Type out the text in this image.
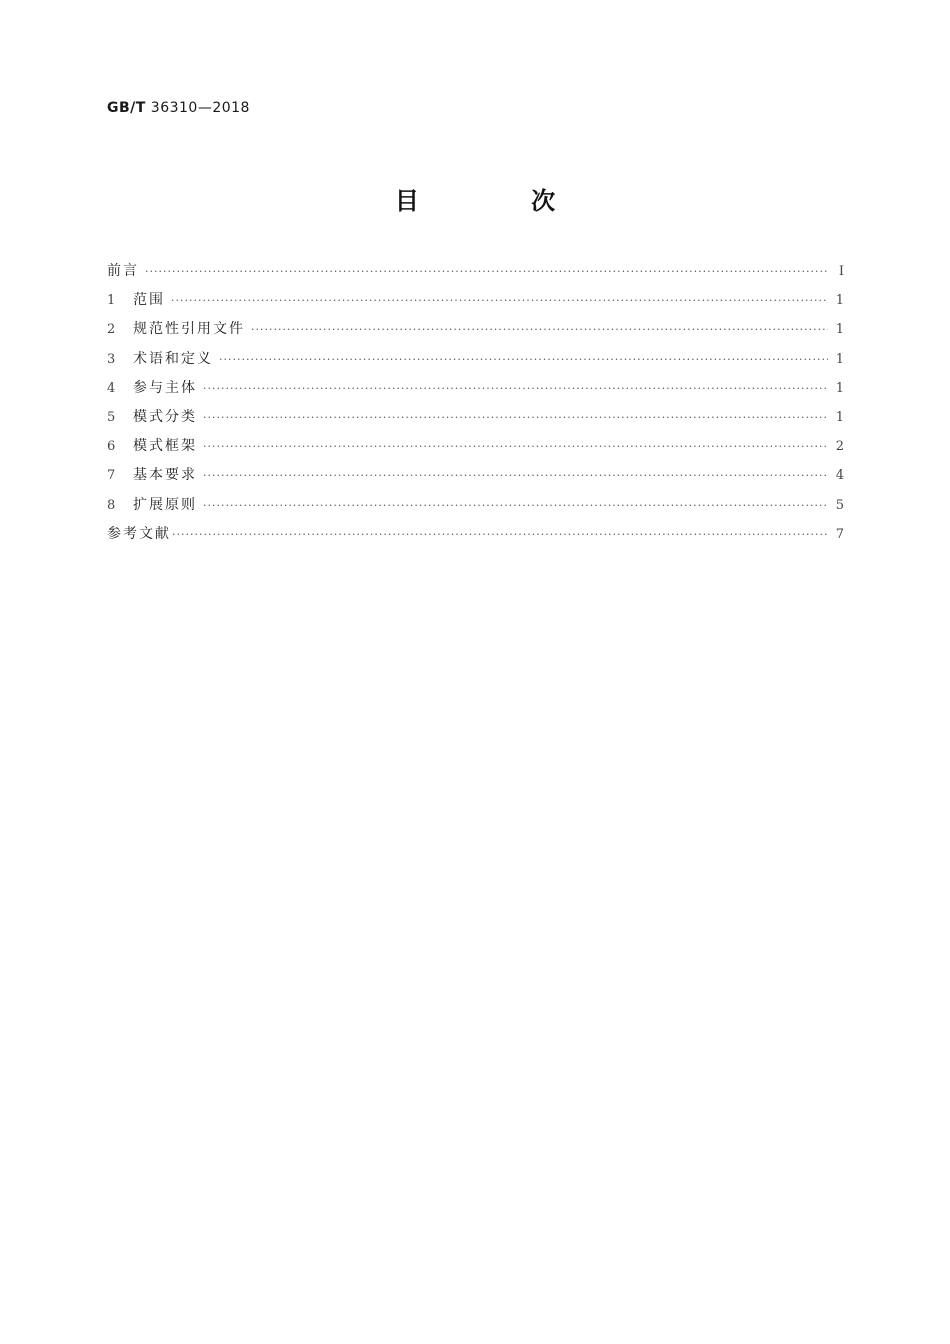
GB/T 36310—2018
目 次
前言 ·····	Ⅰ
1	范围 ·····	1
2	规范性引用文件 ·····	1
3	术语和定义 ·····	1
4	参与主体 ·····	1
5	模式分类 ·····	1
6	模式框架 ·····	2
7	基本要求 ·····	4
8	扩展原则 ·····	5
参考文献 ·····	7
